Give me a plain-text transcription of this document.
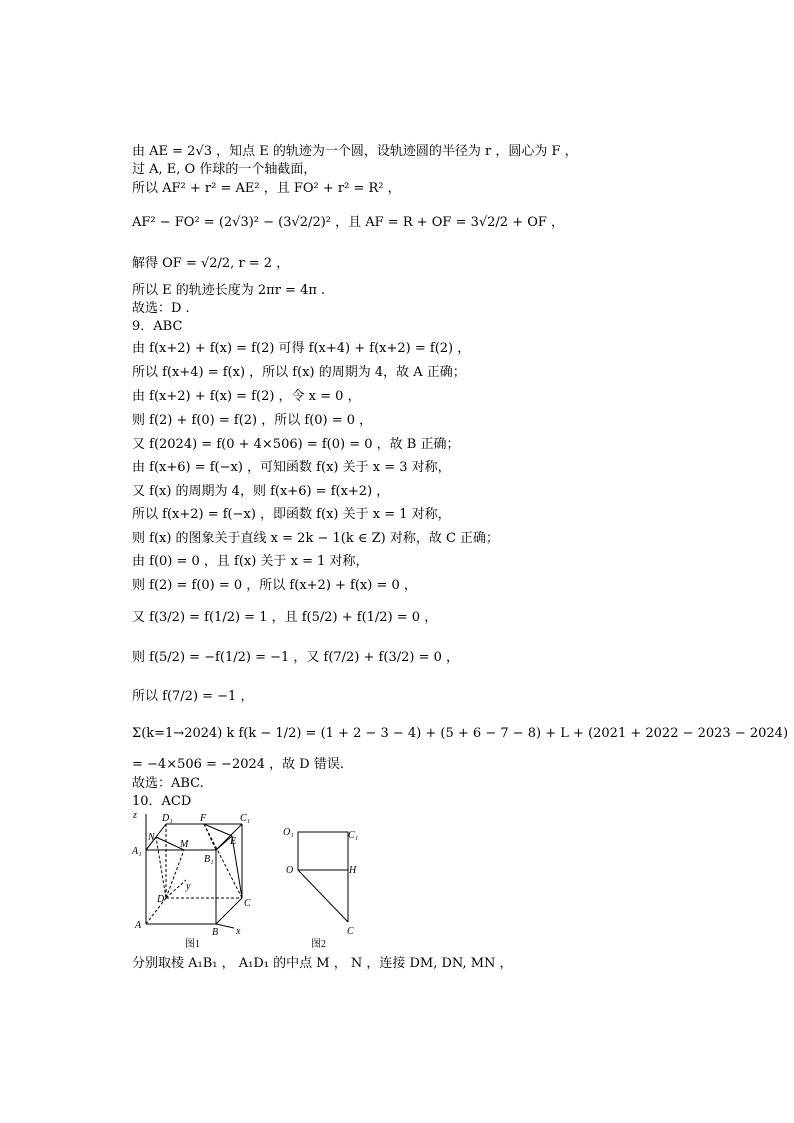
由 AE = 2√3 ，知点 E 的轨迹为一个圆，设轨迹圆的半径为 r ，圆心为 F ，
过 A, E, O 作球的一个轴截面，
所以 AF² + r² = AE² ，且 FO² + r² = R² ，
AF² − FO² = (2√3)² − (3√2/2)² ，且 AF = R + OF = 3√2/2 + OF ，
解得 OF = √2/2, r = 2 ，
所以 E 的轨迹长度为 2πr = 4π .
故选：D .
9．ABC
由 f(x+2) + f(x) = f(2) 可得 f(x+4) + f(x+2) = f(2) ，
所以 f(x+4) = f(x) ，所以 f(x) 的周期为 4，故 A 正确；
由 f(x+2) + f(x) = f(2) ，令 x = 0 ，
则 f(2) + f(0) = f(2) ，所以 f(0) = 0 ，
又 f(2024) = f(0 + 4×506) = f(0) = 0 ，故 B 正确；
由 f(x+6) = f(−x) ，可知函数 f(x) 关于 x = 3 对称，
又 f(x) 的周期为 4，则 f(x+6) = f(x+2) ，
所以 f(x+2) = f(−x) ，即函数 f(x) 关于 x = 1 对称，
则 f(x) 的图象关于直线 x = 2k − 1(k ∈ Z) 对称，故 C 正确；
由 f(0) = 0 ，且 f(x) 关于 x = 1 对称，
则 f(2) = f(0) = 0 ，所以 f(x+2) + f(x) = 0 ，
又 f(3/2) = f(1/2) = 1 ，且 f(5/2) + f(1/2) = 0 ，
则 f(5/2) = −f(1/2) = −1 ，又 f(7/2) + f(3/2) = 0 ，
所以 f(7/2) = −1 ，
Σ(k=1→2024) k f(k − 1/2) = (1 + 2 − 3 − 4) + (5 + 6 − 7 − 8) + L + (2021 + 2022 − 2023 − 2024)
= −4×506 = −2024 ，故 D 错误.
故选：ABC.
10．ACD
分别取棱 A₁B₁ ， A₁D₁ 的中点 M ， N ，连接 DM, DN, MN ，
z	D₁	F	C₁
N
M	E
A₁
B₁
y
D	C
A
B x
图1
O₁	C₁
O	H
C
图2
